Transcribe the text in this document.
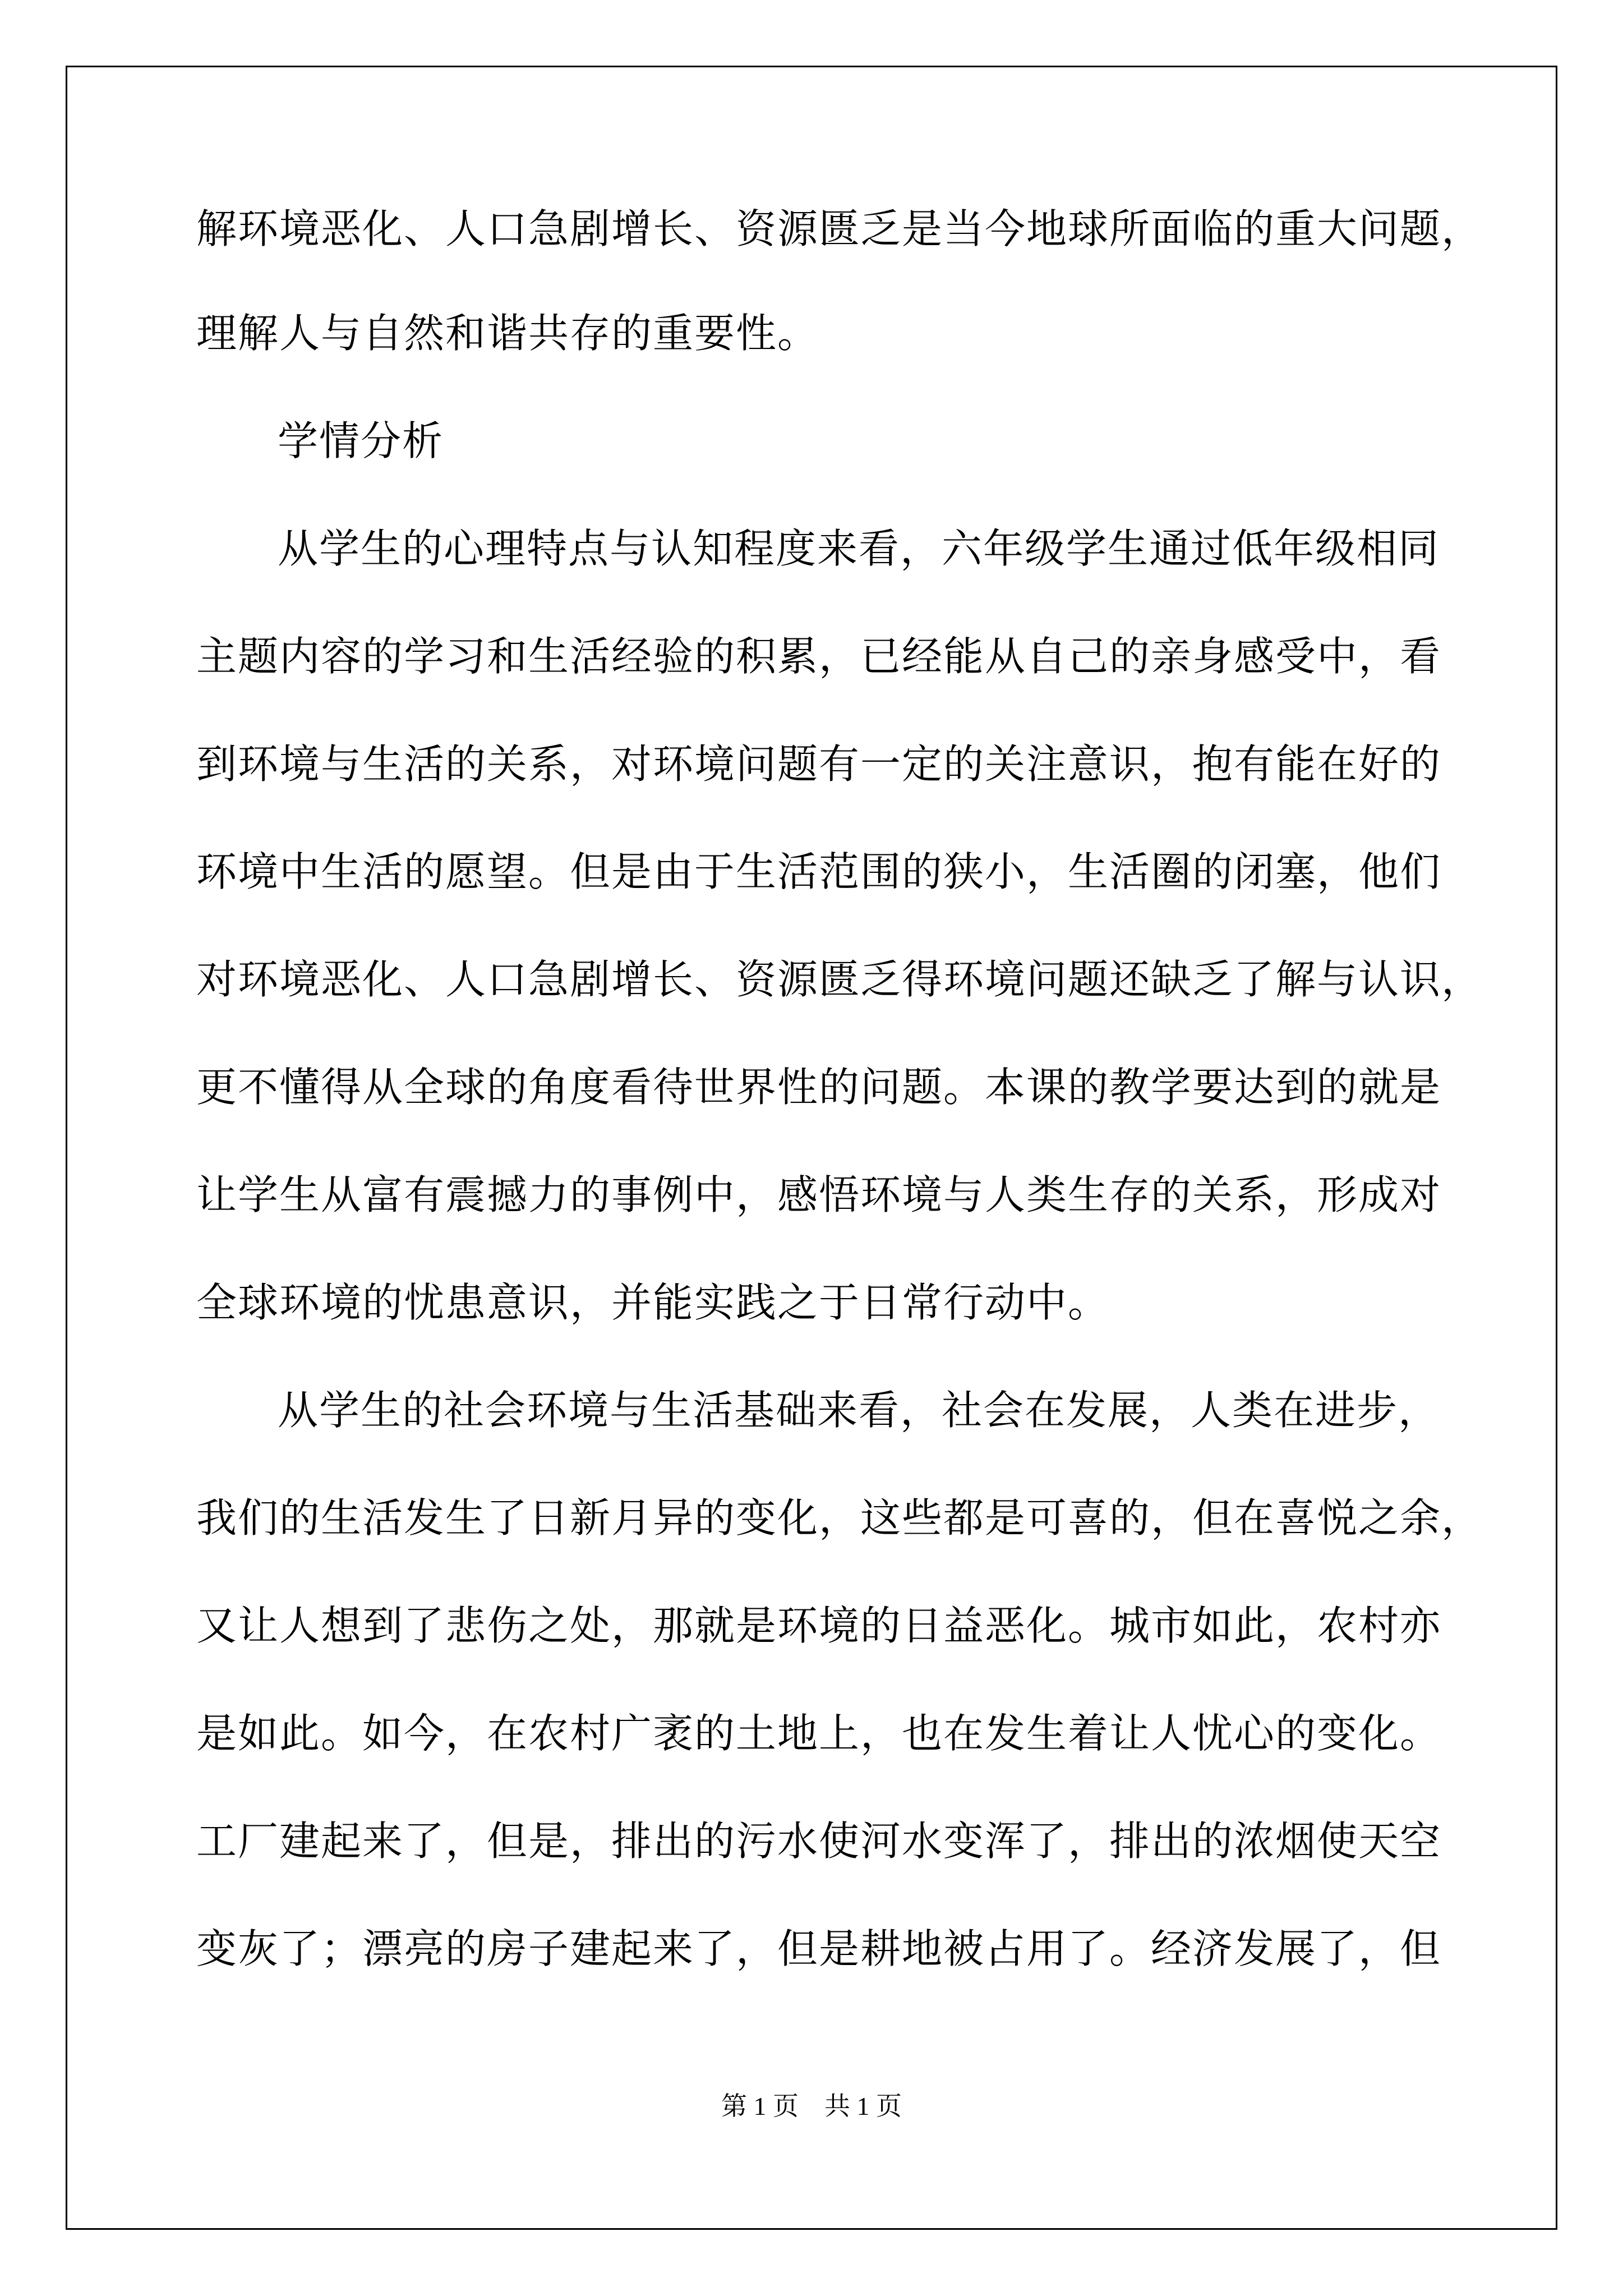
解环境恶化、人口急剧增长、资源匮乏是当今地球所面临的重大问题，
理解人与自然和谐共存的重要性。
学情分析
从学生的心理特点与认知程度来看，六年级学生通过低年级相同
主题内容的学习和生活经验的积累，已经能从自己的亲身感受中，看
到环境与生活的关系，对环境问题有一定的关注意识，抱有能在好的
环境中生活的愿望。但是由于生活范围的狭小，生活圈的闭塞，他们
对环境恶化、人口急剧增长、资源匮乏得环境问题还缺乏了解与认识，
更不懂得从全球的角度看待世界性的问题。本课的教学要达到的就是
让学生从富有震撼力的事例中，感悟环境与人类生存的关系，形成对
全球环境的忧患意识，并能实践之于日常行动中。
从学生的社会环境与生活基础来看，社会在发展，人类在进步，
我们的生活发生了日新月异的变化，这些都是可喜的，但在喜悦之余，
又让人想到了悲伤之处，那就是环境的日益恶化。城市如此，农村亦
是如此。如今，在农村广袤的土地上，也在发生着让人忧心的变化。
工厂建起来了，但是，排出的污水使河水变浑了，排出的浓烟使天空
变灰了；漂亮的房子建起来了，但是耕地被占用了。经济发展了，但
第 1 页　共 1 页
